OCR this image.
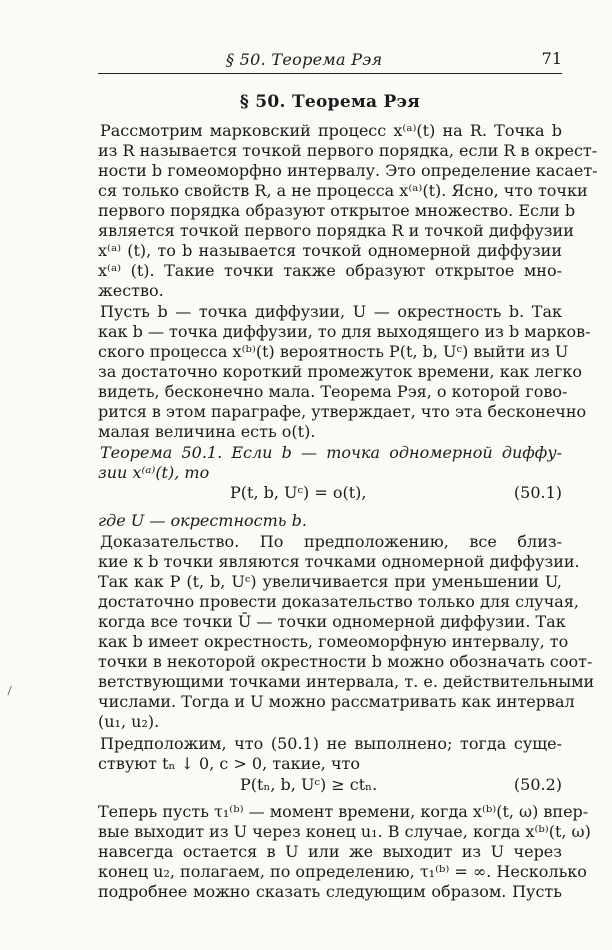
§ 50. Теорема Рэя	71
§ 50. Теорема Рэя
Рассмотрим марковский процесс x⁽ᵃ⁾(t) на R. Точка b
из R называется точкой первого порядка, если R в окрест-
ности b гомеоморфно интервалу. Это определение касает-
ся только свойств R, а не процесса x⁽ᵃ⁾(t). Ясно, что точки
первого порядка образуют открытое множество. Если b
является точкой первого порядка R и точкой диффузии
x⁽ᵃ⁾ (t), то b называется точкой одномерной диффузии
x⁽ᵃ⁾ (t). Такие точки также образуют открытое мно-
жество.
Пусть b — точка диффузии, U — окрестность b. Так
как b — точка диффузии, то для выходящего из b марков-
ского процесса x⁽ᵇ⁾(t) вероятность P(t, b, Uᶜ) выйти из U
за достаточно короткий промежуток времени, как легко
видеть, бесконечно мала. Теорема Рэя, о которой гово-
рится в этом параграфе, утверждает, что эта бесконечно
малая величина есть o(t).
Теорема 50.1. Если b — точка одномерной диффу-
зии x⁽ᵃ⁾(t), то
P(t, b, Uᶜ) = o(t),	(50.1)
где U — окрестность b.
Доказательство. По предположению, все близ-
кие к b точки являются точками одномерной диффузии.
Так как P (t, b, Uᶜ) увеличивается при уменьшении U,
достаточно провести доказательство только для случая,
когда все точки Ū — точки одномерной диффузии. Так
как b имеет окрестность, гомеоморфную интервалу, то
точки в некоторой окрестности b можно обозначать соот-
ветствующими точками интервала, т. е. действительными
числами. Тогда и U можно рассматривать как интервал
(u₁, u₂).
Предположим, что (50.1) не выполнено; тогда суще-
ствуют tₙ ↓ 0, c > 0, такие, что
P(tₙ, b, Uᶜ) ≥ ctₙ.	(50.2)
Теперь пусть τ₁⁽ᵇ⁾ — момент времени, когда x⁽ᵇ⁾(t, ω) впер-
вые выходит из U через конец u₁. В случае, когда x⁽ᵇ⁾(t, ω)
навсегда остается в U или же выходит из U через
конец u₂, полагаем, по определению, τ₁⁽ᵇ⁾ = ∞. Несколько
подробнее можно сказать следующим образом. Пусть
